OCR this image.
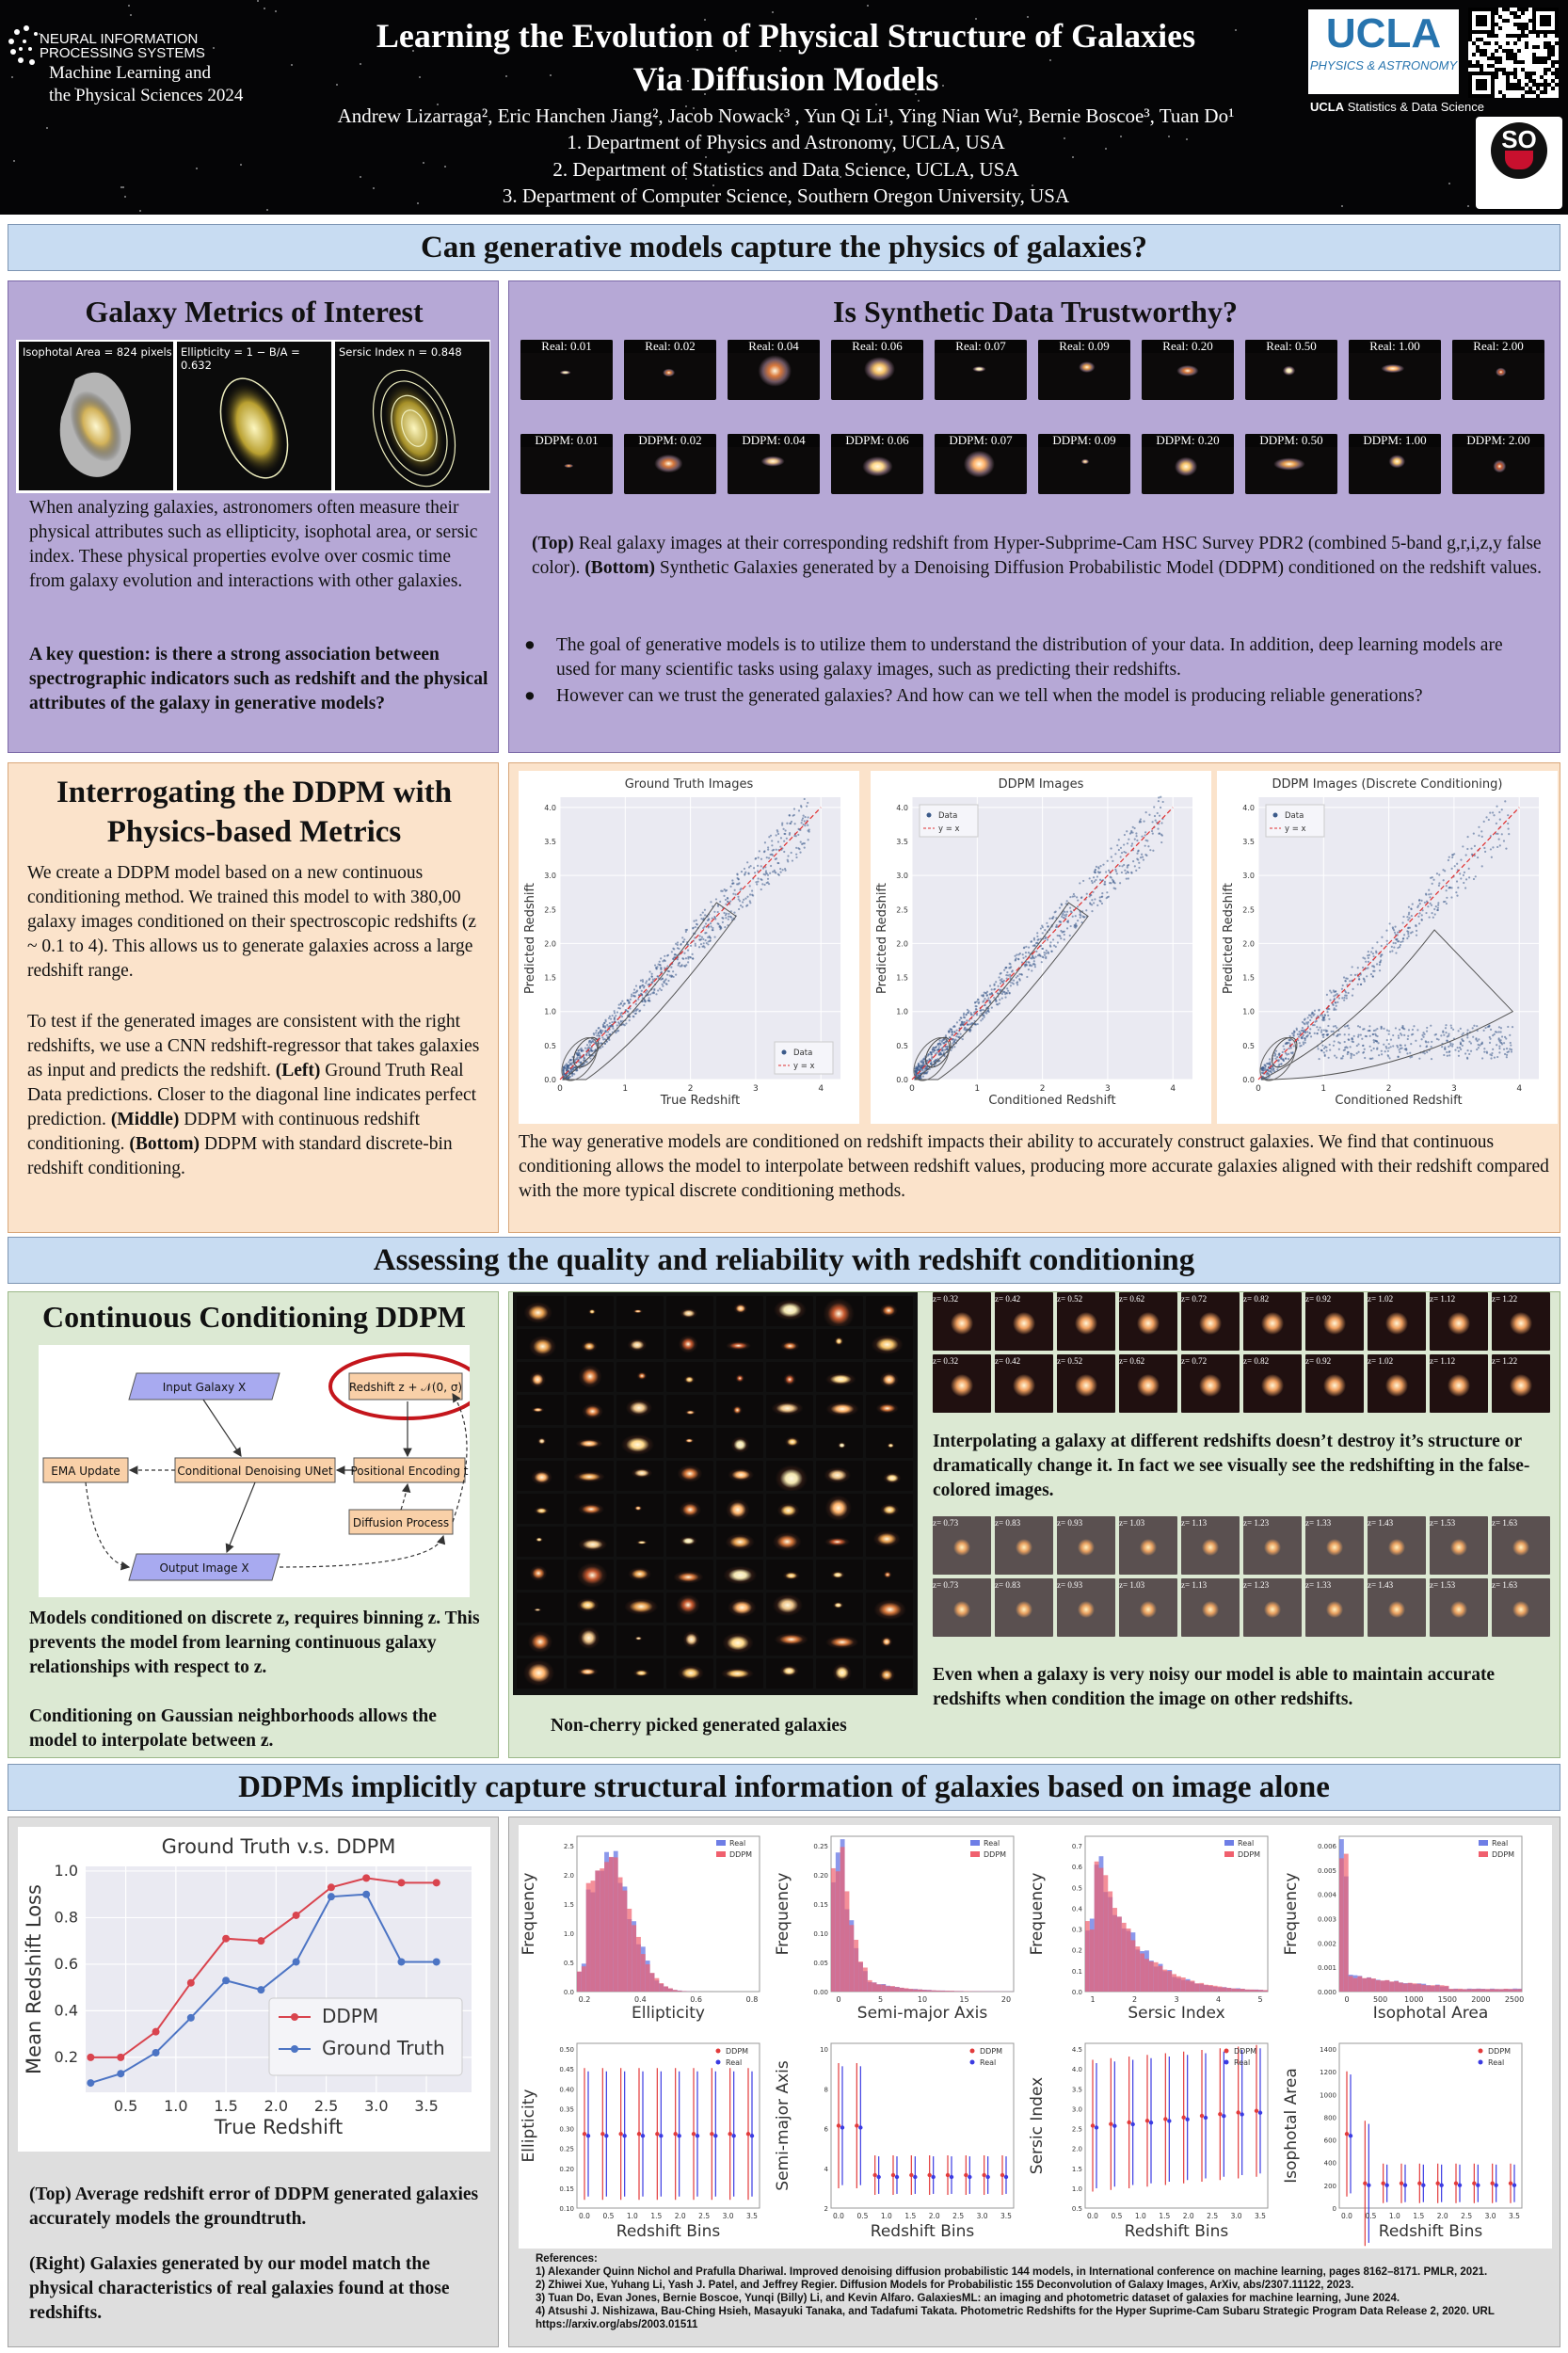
NEURAL INFORMATION
PROCESSING SYSTEMS
Machine Learning and
the Physical Sciences 2024
Learning the Evolution of Physical Structure of Galaxies
Via Diffusion Models
Andrew Lizarraga², Eric Hanchen Jiang², Jacob Nowack³ , Yun Qi Li¹, Ying Nian Wu², Bernie Boscoe³, Tuan Do¹
1. Department of Physics and Astronomy, UCLA, USA
2. Department of Statistics and Data Science, UCLA, USA
3. Department of Computer Science, Southern Oregon University, USA
UCLA
PHYSICS & ASTRONOMY
UCLA Statistics & Data Science
SO
OREGON UNIVERSITY
Can generative models capture the physics of galaxies?
Galaxy Metrics of Interest
Isophotal Area = 824 pixels Ellipticity = 1 − B/A = 0.632
Sersic Index n = 0.848
When analyzing galaxies, astronomers often measure their physical attributes such as ellipticity, isophotal area, or sersic index. These physical properties evolve over cosmic time from galaxy evolution and interactions with other galaxies.
A key question: is there a strong association between spectrographic indicators such as redshift and the physical attributes of the galaxy in generative models?
Is Synthetic Data Trustworthy?
Real: 0.01	Real: 0.02	Real: 0.04	Real: 0.06	Real: 0.07	Real: 0.09	Real: 0.20	Real: 0.50	Real: 1.00	Real: 2.00
DDPM: 0.01	DDPM: 0.02	DDPM: 0.04	DDPM: 0.06	DDPM: 0.07	DDPM: 0.09	DDPM: 0.20	DDPM: 0.50	DDPM: 1.00	DDPM: 2.00
(Top) Real galaxy images at their corresponding redshift from Hyper-Subprime-Cam HSC Survey PDR2 (combined 5-band g,r,i,z,y false color). (Bottom) Synthetic Galaxies generated by a Denoising Diffusion Probabilistic Model (DDPM) conditioned on the redshift values.
● The goal of generative models is to utilize them to understand the distribution of your data. In addition, deep learning models are used for many scientific tasks using galaxy images, such as predicting their redshifts.
● However can we trust the generated galaxies? And how can we tell when the model is producing reliable generations?
Interrogating the DDPM with
Physics-based Metrics
We create a DDPM model based on a new continuous conditioning method. We trained this model to with 380,00 galaxy images conditioned on their spectroscopic redshifts (z ~ 0.1 to 4). This allows us to generate galaxies across a large redshift range.
To test if the generated images are consistent with the right redshifts, we use a CNN redshift-regressor that takes galaxies as input and predicts the redshift. (Left) Ground Truth Real Data predictions. Closer to the diagonal line indicates perfect prediction. (Middle) DDPM with continuous redshift conditioning. (Bottom) DDPM with standard discrete-bin redshift conditioning.
0	1	2	3	4
0.0
0.5
1.0
1.5
2.0
2.5
3.0
3.5
4.0
Ground Truth Images
True Redshift
Predicted Redshift
Data
y = x
0	1	2	3	4
0.0
0.5
1.0
1.5
2.0
2.5
3.0
3.5
4.0
DDPM Images
Conditioned Redshift
Predicted Redshift
Data
y = x
0	1	2	3	4
0.0
0.5
1.0
1.5
2.0
2.5
3.0
3.5
4.0
DDPM Images (Discrete Conditioning)
Conditioned Redshift
Predicted Redshift
Data
y = x
The way generative models are conditioned on redshift impacts their ability to accurately construct galaxies. We find that continuous conditioning allows the model to interpolate between redshift values, producing more accurate galaxies aligned with their redshift compared with the more typical discrete conditioning methods.
Assessing the quality and reliability with redshift conditioning
Continuous Conditioning DDPM
Input Galaxy X	Redshift z + 𝒩(0, σ)
EMA Update	Conditional Denoising UNet Positional Encoding t
Diffusion Process
Output Image X
Models conditioned on discrete z, requires binning z. This prevents the model from learning continuous galaxy relationships with respect to z.
Conditioning on Gaussian neighborhoods allows the model to interpolate between z.
Non-cherry picked generated galaxies
z= 0.32	z= 0.42	z= 0.52	z= 0.62	z= 0.72	z= 0.82	z= 0.92	z= 1.02	z= 1.12	z= 1.22
z= 0.32	z= 0.42	z= 0.52	z= 0.62	z= 0.72	z= 0.82	z= 0.92	z= 1.02	z= 1.12	z= 1.22
Interpolating a galaxy at different redshifts doesn’t destroy it’s structure or dramatically change it. In fact we see visually see the redshifting in the false-colored images.
z= 0.73	z= 0.83	z= 0.93	z= 1.03	z= 1.13	z= 1.23	z= 1.33	z= 1.43	z= 1.53	z= 1.63
z= 0.73	z= 0.83	z= 0.93	z= 1.03	z= 1.13	z= 1.23	z= 1.33	z= 1.43	z= 1.53	z= 1.63
Even when a galaxy is very noisy our model is able to maintain accurate redshifts when condition the image on other redshifts.
DDPMs implicitly capture structural information of galaxies based on image alone
0.5 1.0 1.5 2.0 2.5 3.0 3.5
0.2
0.4
0.6
0.8
1.0
Ground Truth v.s. DDPM
True Redshift
Mean Redshift Loss	DDPM
Ground Truth
(Top) Average redshift error of DDPM generated galaxies accurately models the groundtruth.
(Right) Galaxies generated by our model match the physical characteristics of real galaxies found at those redshifts.
0.2	0.4	0.6	0.8
0.0
0.5
1.0
1.5
2.0
2.5
Ellipticity
Frequency
Real
DDPM
0.0 0.5 1.0 1.5 2.0 2.5 3.0 3.5
0.10
0.15
0.20
0.25
0.30
0.35
0.40
0.45
0.50
Redshift Bins
Ellipticity
DDPM
Real
0	5	10	15	20
0.00
0.05
0.10
0.15
0.20
0.25
Semi-major Axis
Frequency
Real
DDPM
0.0 0.5 1.0 1.5 2.0 2.5 3.0 3.5
2
4
6
8
10
Redshift Bins
Semi-major Axis
DDPM
Real
1	2	3	4	5
0.0
0.1
0.2
0.3
0.4
0.5
0.6
0.7
Sersic Index
Frequency
Real
DDPM
0.0 0.5 1.0 1.5 2.0 2.5 3.0 3.5
0.5
1.0
1.5
2.0
2.5
3.0
3.5
4.0
4.5
Redshift Bins
Sersic Index
DDPM
Real
0	500 1000 1500 2000 2500
0.000
0.001
0.002
0.003
0.004
0.005
0.006
Isophotal Area
Frequency
Real
DDPM
0.0 0.5 1.0 1.5 2.0 2.5 3.0 3.5
0
200
400
600
800
1000
1200
1400
Redshift Bins
Isophotal Area
DDPM
Real
References:
1) Alexander Quinn Nichol and Prafulla Dhariwal. Improved denoising diffusion probabilistic 144 models, in International conference on machine learning, pages 8162–8171. PMLR, 2021.
2) Zhiwei Xue, Yuhang Li, Yash J. Patel, and Jeffrey Regier. Diffusion Models for Probabilistic 155 Deconvolution of Galaxy Images, ArXiv, abs/2307.11122, 2023.
3) Tuan Do, Evan Jones, Bernie Boscoe, Yunqi (Billy) Li, and Kevin Alfaro. GalaxiesML: an imaging and photometric dataset of galaxies for machine learning, June 2024.
4) Atsushi J. Nishizawa, Bau-Ching Hsieh, Masayuki Tanaka, and Tadafumi Takata. Photometric Redshifts for the Hyper Suprime-Cam Subaru Strategic Program Data Release 2, 2020. URL https://arxiv.org/abs/2003.01511
